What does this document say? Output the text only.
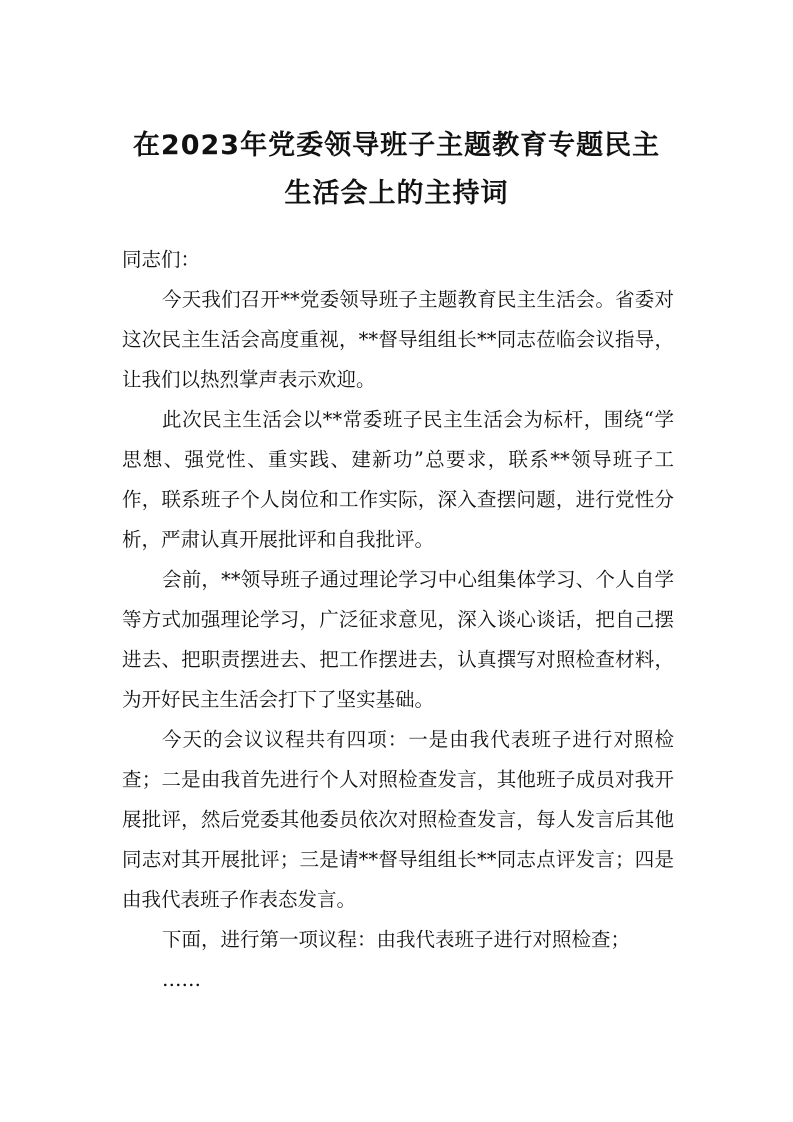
在2023年党委领导班子主题教育专题民主
生活会上的主持词

同志们：

今天我们召开**党委领导班子主题教育民主生活会。省委对这次民主生活会高度重视，**督导组组长**同志莅临会议指导，让我们以热烈掌声表示欢迎。

此次民主生活会以**常委班子民主生活会为标杆，围绕“学思想、强党性、重实践、建新功”总要求，联系**领导班子工作，联系班子个人岗位和工作实际，深入查摆问题，进行党性分析，严肃认真开展批评和自我批评。

会前，**领导班子通过理论学习中心组集体学习、个人自学等方式加强理论学习，广泛征求意见，深入谈心谈话，把自己摆进去、把职责摆进去、把工作摆进去，认真撰写对照检查材料，为开好民主生活会打下了坚实基础。

今天的会议议程共有四项：一是由我代表班子进行对照检查；二是由我首先进行个人对照检查发言，其他班子成员对我开展批评，然后党委其他委员依次对照检查发言，每人发言后其他同志对其开展批评；三是请**督导组组长**同志点评发言；四是由我代表班子作表态发言。

下面，进行第一项议程：由我代表班子进行对照检查；

……
